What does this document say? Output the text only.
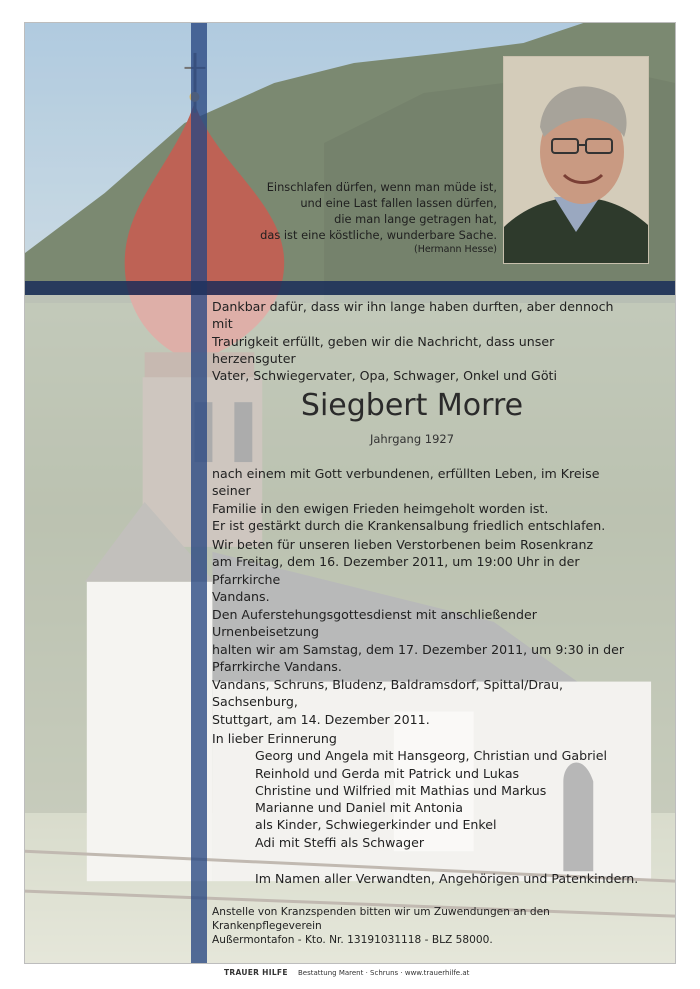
Einschlafen dürfen, wenn man müde ist,
und eine Last fallen lassen dürfen,
die man lange getragen hat,
das ist eine köstliche, wunderbare Sache.
(Hermann Hesse)
Dankbar dafür, dass wir ihn lange haben durften, aber dennoch mit
Traurigkeit erfüllt, geben wir die Nachricht, dass unser herzensguter
Vater, Schwiegervater, Opa, Schwager, Onkel und Göti
Siegbert Morre
Jahrgang 1927
nach einem mit Gott verbundenen, erfüllten Leben, im Kreise seiner
Familie in den ewigen Frieden heimgeholt worden ist.
Er ist gestärkt durch die Krankensalbung friedlich entschlafen.
Wir beten für unseren lieben Verstorbenen beim Rosenkranz
am Freitag, dem 16. Dezember 2011, um 19:00 Uhr in der Pfarrkirche
Vandans.
Den Auferstehungsgottesdienst mit anschließender Urnenbeisetzung
halten wir am Samstag, dem 17. Dezember 2011, um 9:30 in der
Pfarrkirche Vandans.
Vandans, Schruns, Bludenz, Baldramsdorf, Spittal/Drau, Sachsenburg,
Stuttgart, am 14. Dezember 2011.
In lieber Erinnerung
Georg und Angela mit Hansgeorg, Christian und Gabriel
Reinhold und Gerda mit Patrick und Lukas
Christine und Wilfried mit Mathias und Markus
Marianne und Daniel mit Antonia
als Kinder, Schwiegerkinder und Enkel
Adi mit Steffi als Schwager
Im Namen aller Verwandten, Angehörigen und Patenkindern.
Anstelle von Kranzspenden bitten wir um Zuwendungen an den Krankenpflegeverein
Außermontafon - Kto. Nr. 13191031118 - BLZ 58000.
TRAUER HILFE Bestattung Marent · Schruns · www.trauerhilfe.at
